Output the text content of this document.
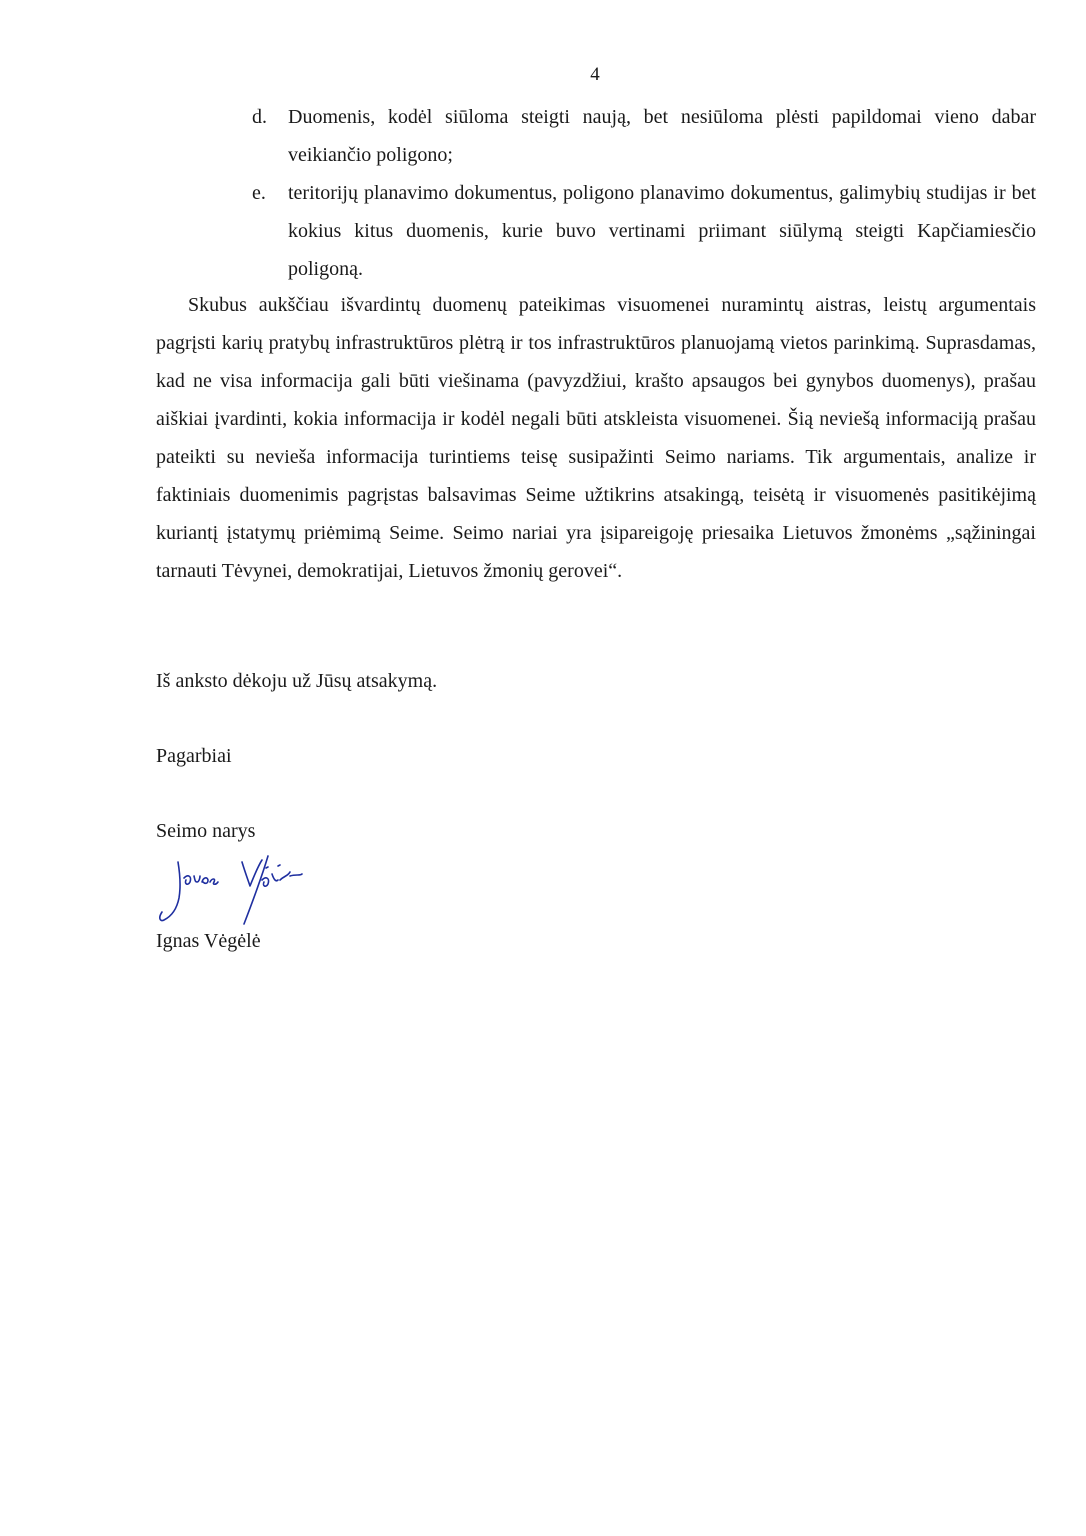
4
d.	Duomenis, kodėl siūloma steigti naują, bet nesiūloma plėsti papildomai vieno dabar veikiančio poligono;
e.	teritorijų planavimo dokumentus, poligono planavimo dokumentus, galimybių studijas ir bet kokius kitus duomenis, kurie buvo vertinami priimant siūlymą steigti Kapčiamiesčio poligoną.

Skubus aukščiau išvardintų duomenų pateikimas visuomenei nuramintų aistras, leistų argumentais pagrįsti karių pratybų infrastruktūros plėtrą ir tos infrastruktūros planuojamą vietos parinkimą. Suprasdamas, kad ne visa informacija gali būti viešinama (pavyzdžiui, krašto apsaugos bei gynybos duomenys), prašau aiškiai įvardinti, kokia informacija ir kodėl negali būti atskleista visuomenei. Šią neviešą informaciją prašau pateikti su nevieša informacija turintiems teisę susipažinti Seimo nariams. Tik argumentais, analize ir faktiniais duomenimis pagrįstas balsavimas Seime užtikrins atsakingą, teisėtą ir visuomenės pasitikėjimą kuriantį įstatymų priėmimą Seime. Seimo nariai yra įsipareigoję priesaika Lietuvos žmonėms „sąžiningai tarnauti Tėvynei, demokratijai, Lietuvos žmonių gerovei“.

Iš anksto dėkoju už Jūsų atsakymą.

Pagarbiai

Seimo narys

Ignas Vėgėlė
